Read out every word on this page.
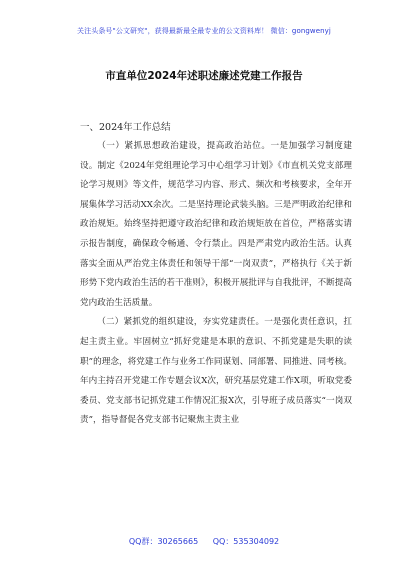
关注头条号"公文研究"，获得最新最全最专业的公文资料库！ 微信：gongwenyj
市直单位2024年述职述廉述党建工作报告
一、2024年工作总结

（一）紧抓思想政治建设，提高政治站位。一是加强学习制度建设。制定《2024年党组理论学习中心组学习计划》《市直机关党支部理论学习规则》等文件，规范学习内容、形式、频次和考核要求，全年开展集体学习活动XX余次。二是坚持理论武装头脑。三是严明政治纪律和政治规矩。始终坚持把遵守政治纪律和政治规矩放在首位，严格落实请示报告制度，确保政令畅通、令行禁止。四是严肃党内政治生活。认真落实全面从严治党主体责任和领导干部“一岗双责”，严格执行《关于新形势下党内政治生活的若干准则》，积极开展批评与自我批评，不断提高党内政治生活质量。

（二）紧抓党的组织建设，夯实党建责任。一是强化责任意识，扛起主责主业。牢固树立“抓好党建是本职的意识、不抓党建是失职的读职”的理念，将党建工作与业务工作同谋划、同部署、同推进、同考核。年内主持召开党建工作专题会议X次，研究基层党建工作X项，听取党委委员、党支部书记抓党建工作情况汇报X次，引导班子成员落实“一岗双责”，指导督促各党支部书记聚焦主责主业

QQ群：30265665 QQ：535304092
